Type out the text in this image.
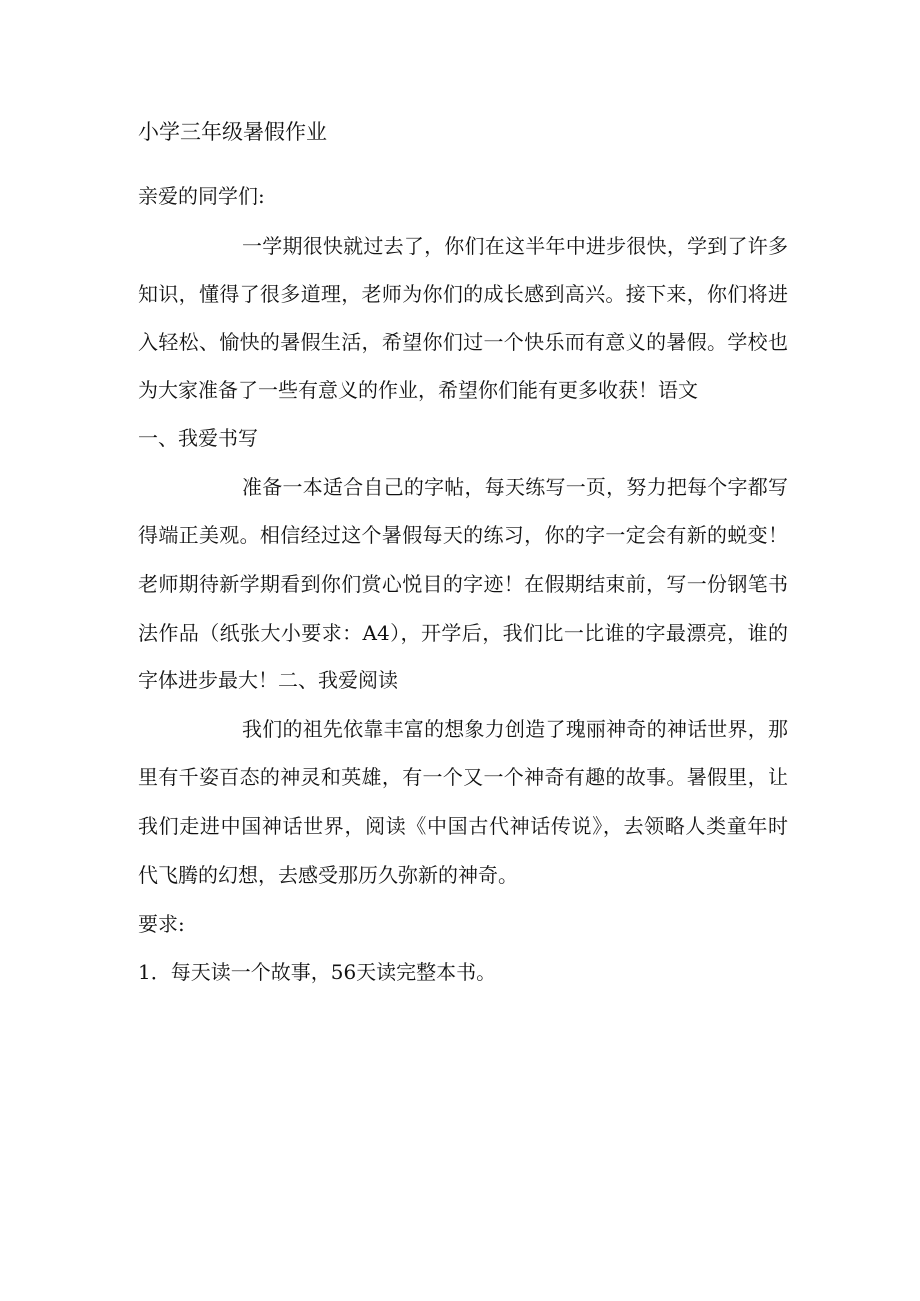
小学三年级暑假作业
亲爱的同学们:
一学期很快就过去了，你们在这半年中进步很快，学到了许多
知识，懂得了很多道理，老师为你们的成长感到高兴。接下来，你们将进
入轻松、愉快的暑假生活，希望你们过一个快乐而有意义的暑假。学校也
为大家准备了一些有意义的作业，希望你们能有更多收获！语文
一、我爱书写
准备一本适合自己的字帖，每天练写一页，努力把每个字都写
得端正美观。相信经过这个暑假每天的练习，你的字一定会有新的蜕变！
老师期待新学期看到你们赏心悦目的字迹！在假期结束前，写一份钢笔书
法作品（纸张大小要求：A4），开学后，我们比一比谁的字最漂亮，谁的
字体进步最大！二、我爱阅读
我们的祖先依靠丰富的想象力创造了瑰丽神奇的神话世界，那
里有千姿百态的神灵和英雄，有一个又一个神奇有趣的故事。暑假里，让
我们走进中国神话世界，阅读《中国古代神话传说》，去领略人类童年时
代飞腾的幻想，去感受那历久弥新的神奇。
要求:
1．每天读一个故事，56天读完整本书。
